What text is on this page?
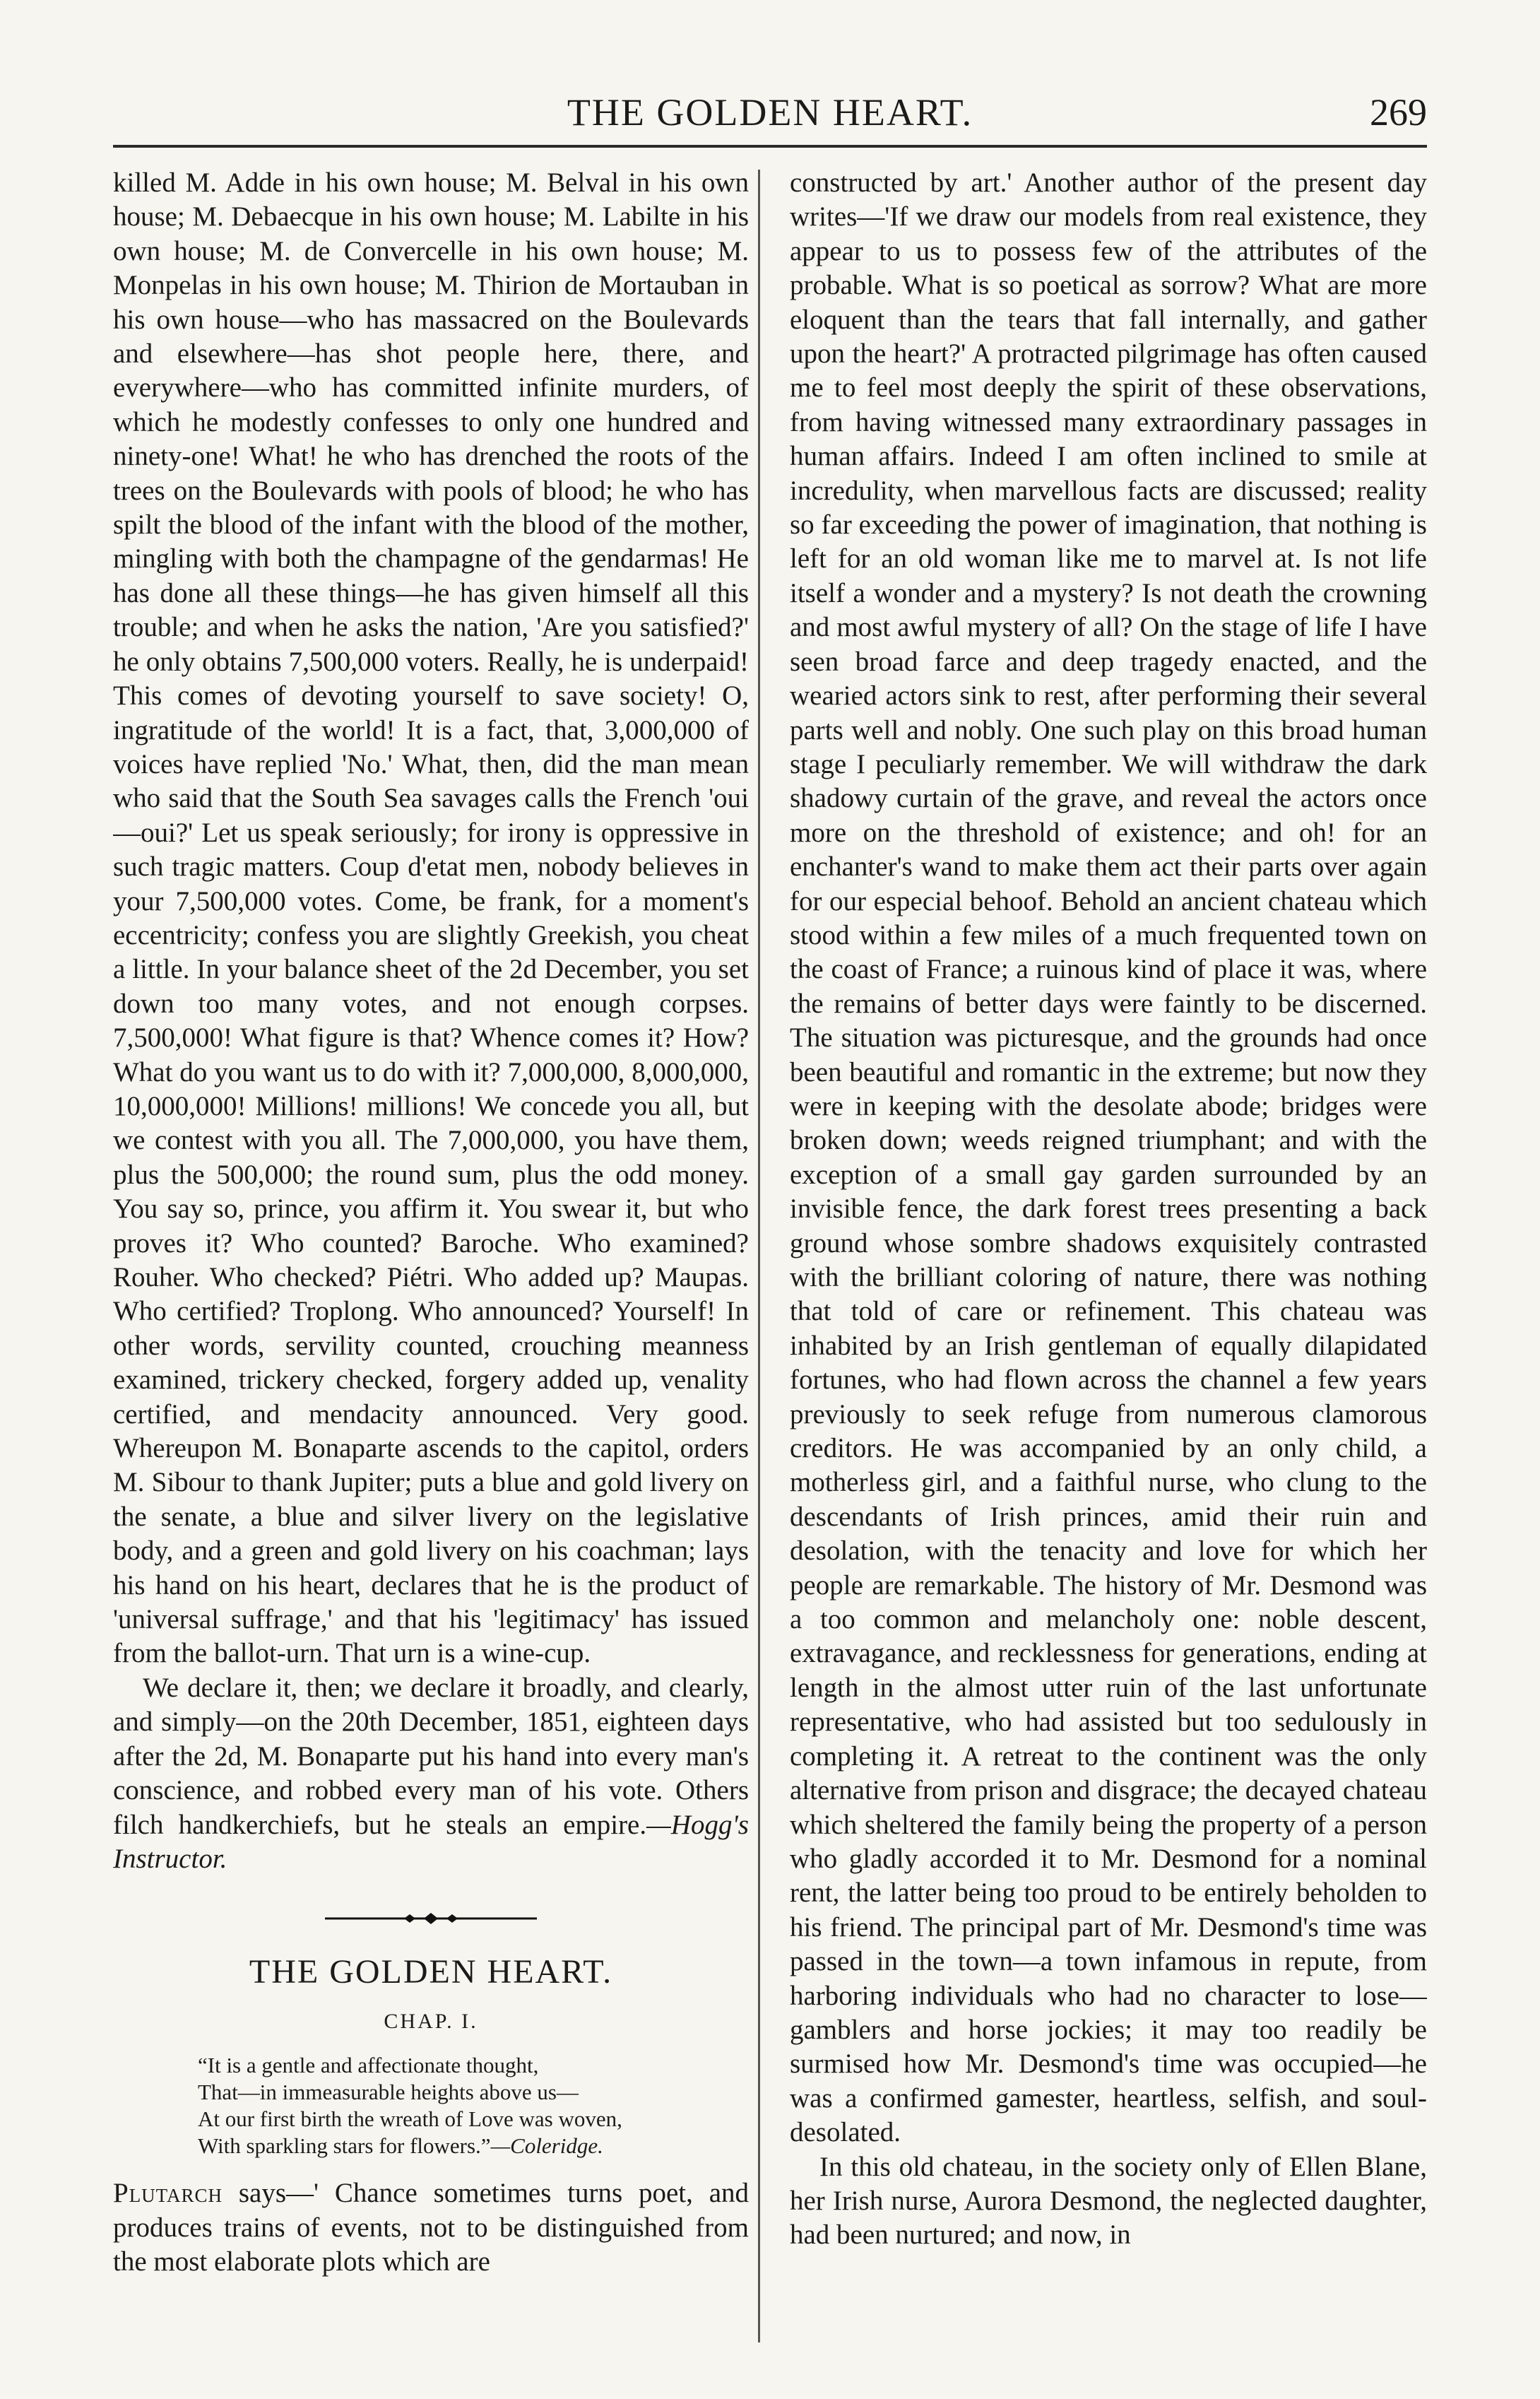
THE GOLDEN HEART.	269

killed M. Adde in his own house; M. Belval in his own house; M. Debaecque in his own house; M. Labilte in his own house; M. de Convercelle in his own house; M. Monpelas in his own house; M. Thirion de Mortauban in his own house—who has massacred on the Boulevards and elsewhere—has shot people here, there, and everywhere—who has committed infinite murders, of which he modestly confesses to only one hundred and ninety-one! What! he who has drenched the roots of the trees on the Boulevards with pools of blood; he who has spilt the blood of the infant with the blood of the mother, mingling with both the champagne of the gendarmas! He has done all these things—he has given himself all this trouble; and when he asks the nation, 'Are you satisfied?' he only obtains 7,500,000 voters. Really, he is underpaid! This comes of devoting yourself to save society! O, ingratitude of the world! It is a fact, that, 3,000,000 of voices have replied 'No.' What, then, did the man mean who said that the South Sea savages calls the French 'oui—oui?' Let us speak seriously; for irony is oppressive in such tragic matters. Coup d'etat men, nobody believes in your 7,500,000 votes. Come, be frank, for a moment's eccentricity; confess you are slightly Greekish, you cheat a little. In your balance sheet of the 2d December, you set down too many votes, and not enough corpses. 7,500,000! What figure is that? Whence comes it? How? What do you want us to do with it? 7,000,000, 8,000,000, 10,000,000! Millions! millions! We concede you all, but we contest with you all. The 7,000,000, you have them, plus the 500,000; the round sum, plus the odd money. You say so, prince, you affirm it. You swear it, but who proves it? Who counted? Baroche. Who examined? Rouher. Who checked? Piétri. Who added up? Maupas. Who certified? Troplong. Who announced? Yourself! In other words, servility counted, crouching meanness examined, trickery checked, forgery added up, venality certified, and mendacity announced. Very good. Whereupon M. Bonaparte ascends to the capitol, orders M. Sibour to thank Jupiter; puts a blue and gold livery on the senate, a blue and silver livery on the legislative body, and a green and gold livery on his coachman; lays his hand on his heart, declares that he is the product of 'universal suffrage,' and that his 'legitimacy' has issued from the ballot-urn. That urn is a wine-cup.

We declare it, then; we declare it broadly, and clearly, and simply—on the 20th December, 1851, eighteen days after the 2d, M. Bonaparte put his hand into every man's conscience, and robbed every man of his vote. Others filch handkerchiefs, but he steals an empire.—Hogg's Instructor.

THE GOLDEN HEART.
CHAP. I.
“It is a gentle and affectionate thought,
That—in immeasurable heights above us—
At our first birth the wreath of Love was woven,
With sparkling stars for flowers.”—Coleridge.

Plutarch says—' Chance sometimes turns poet, and produces trains of events, not to be distinguished from the most elaborate plots which are

constructed by art.' Another author of the present day writes—'If we draw our models from real existence, they appear to us to possess few of the attributes of the probable. What is so poetical as sorrow? What are more eloquent than the tears that fall internally, and gather upon the heart?' A protracted pilgrimage has often caused me to feel most deeply the spirit of these observations, from having witnessed many extraordinary passages in human affairs. Indeed I am often inclined to smile at incredulity, when marvellous facts are discussed; reality so far exceeding the power of imagination, that nothing is left for an old woman like me to marvel at. Is not life itself a wonder and a mystery? Is not death the crowning and most awful mystery of all? On the stage of life I have seen broad farce and deep tragedy enacted, and the wearied actors sink to rest, after performing their several parts well and nobly. One such play on this broad human stage I peculiarly remember. We will withdraw the dark shadowy curtain of the grave, and reveal the actors once more on the threshold of existence; and oh! for an enchanter's wand to make them act their parts over again for our especial behoof. Behold an ancient chateau which stood within a few miles of a much frequented town on the coast of France; a ruinous kind of place it was, where the remains of better days were faintly to be discerned. The situation was picturesque, and the grounds had once been beautiful and romantic in the extreme; but now they were in keeping with the desolate abode; bridges were broken down; weeds reigned triumphant; and with the exception of a small gay garden surrounded by an invisible fence, the dark forest trees presenting a back ground whose sombre shadows exquisitely contrasted with the brilliant coloring of nature, there was nothing that told of care or refinement. This chateau was inhabited by an Irish gentleman of equally dilapidated fortunes, who had flown across the channel a few years previously to seek refuge from numerous clamorous creditors. He was accompanied by an only child, a motherless girl, and a faithful nurse, who clung to the descendants of Irish princes, amid their ruin and desolation, with the tenacity and love for which her people are remarkable. The history of Mr. Desmond was a too common and melancholy one: noble descent, extravagance, and recklessness for generations, ending at length in the almost utter ruin of the last unfortunate representative, who had assisted but too sedulously in completing it. A retreat to the continent was the only alternative from prison and disgrace; the decayed chateau which sheltered the family being the property of a person who gladly accorded it to Mr. Desmond for a nominal rent, the latter being too proud to be entirely beholden to his friend. The principal part of Mr. Desmond's time was passed in the town—a town infamous in repute, from harboring individuals who had no character to lose—gamblers and horse jockies; it may too readily be surmised how Mr. Desmond's time was occupied—he was a confirmed gamester, heartless, selfish, and soul-desolated.

In this old chateau, in the society only of Ellen Blane, her Irish nurse, Aurora Desmond, the neglected daughter, had been nurtured; and now, in
